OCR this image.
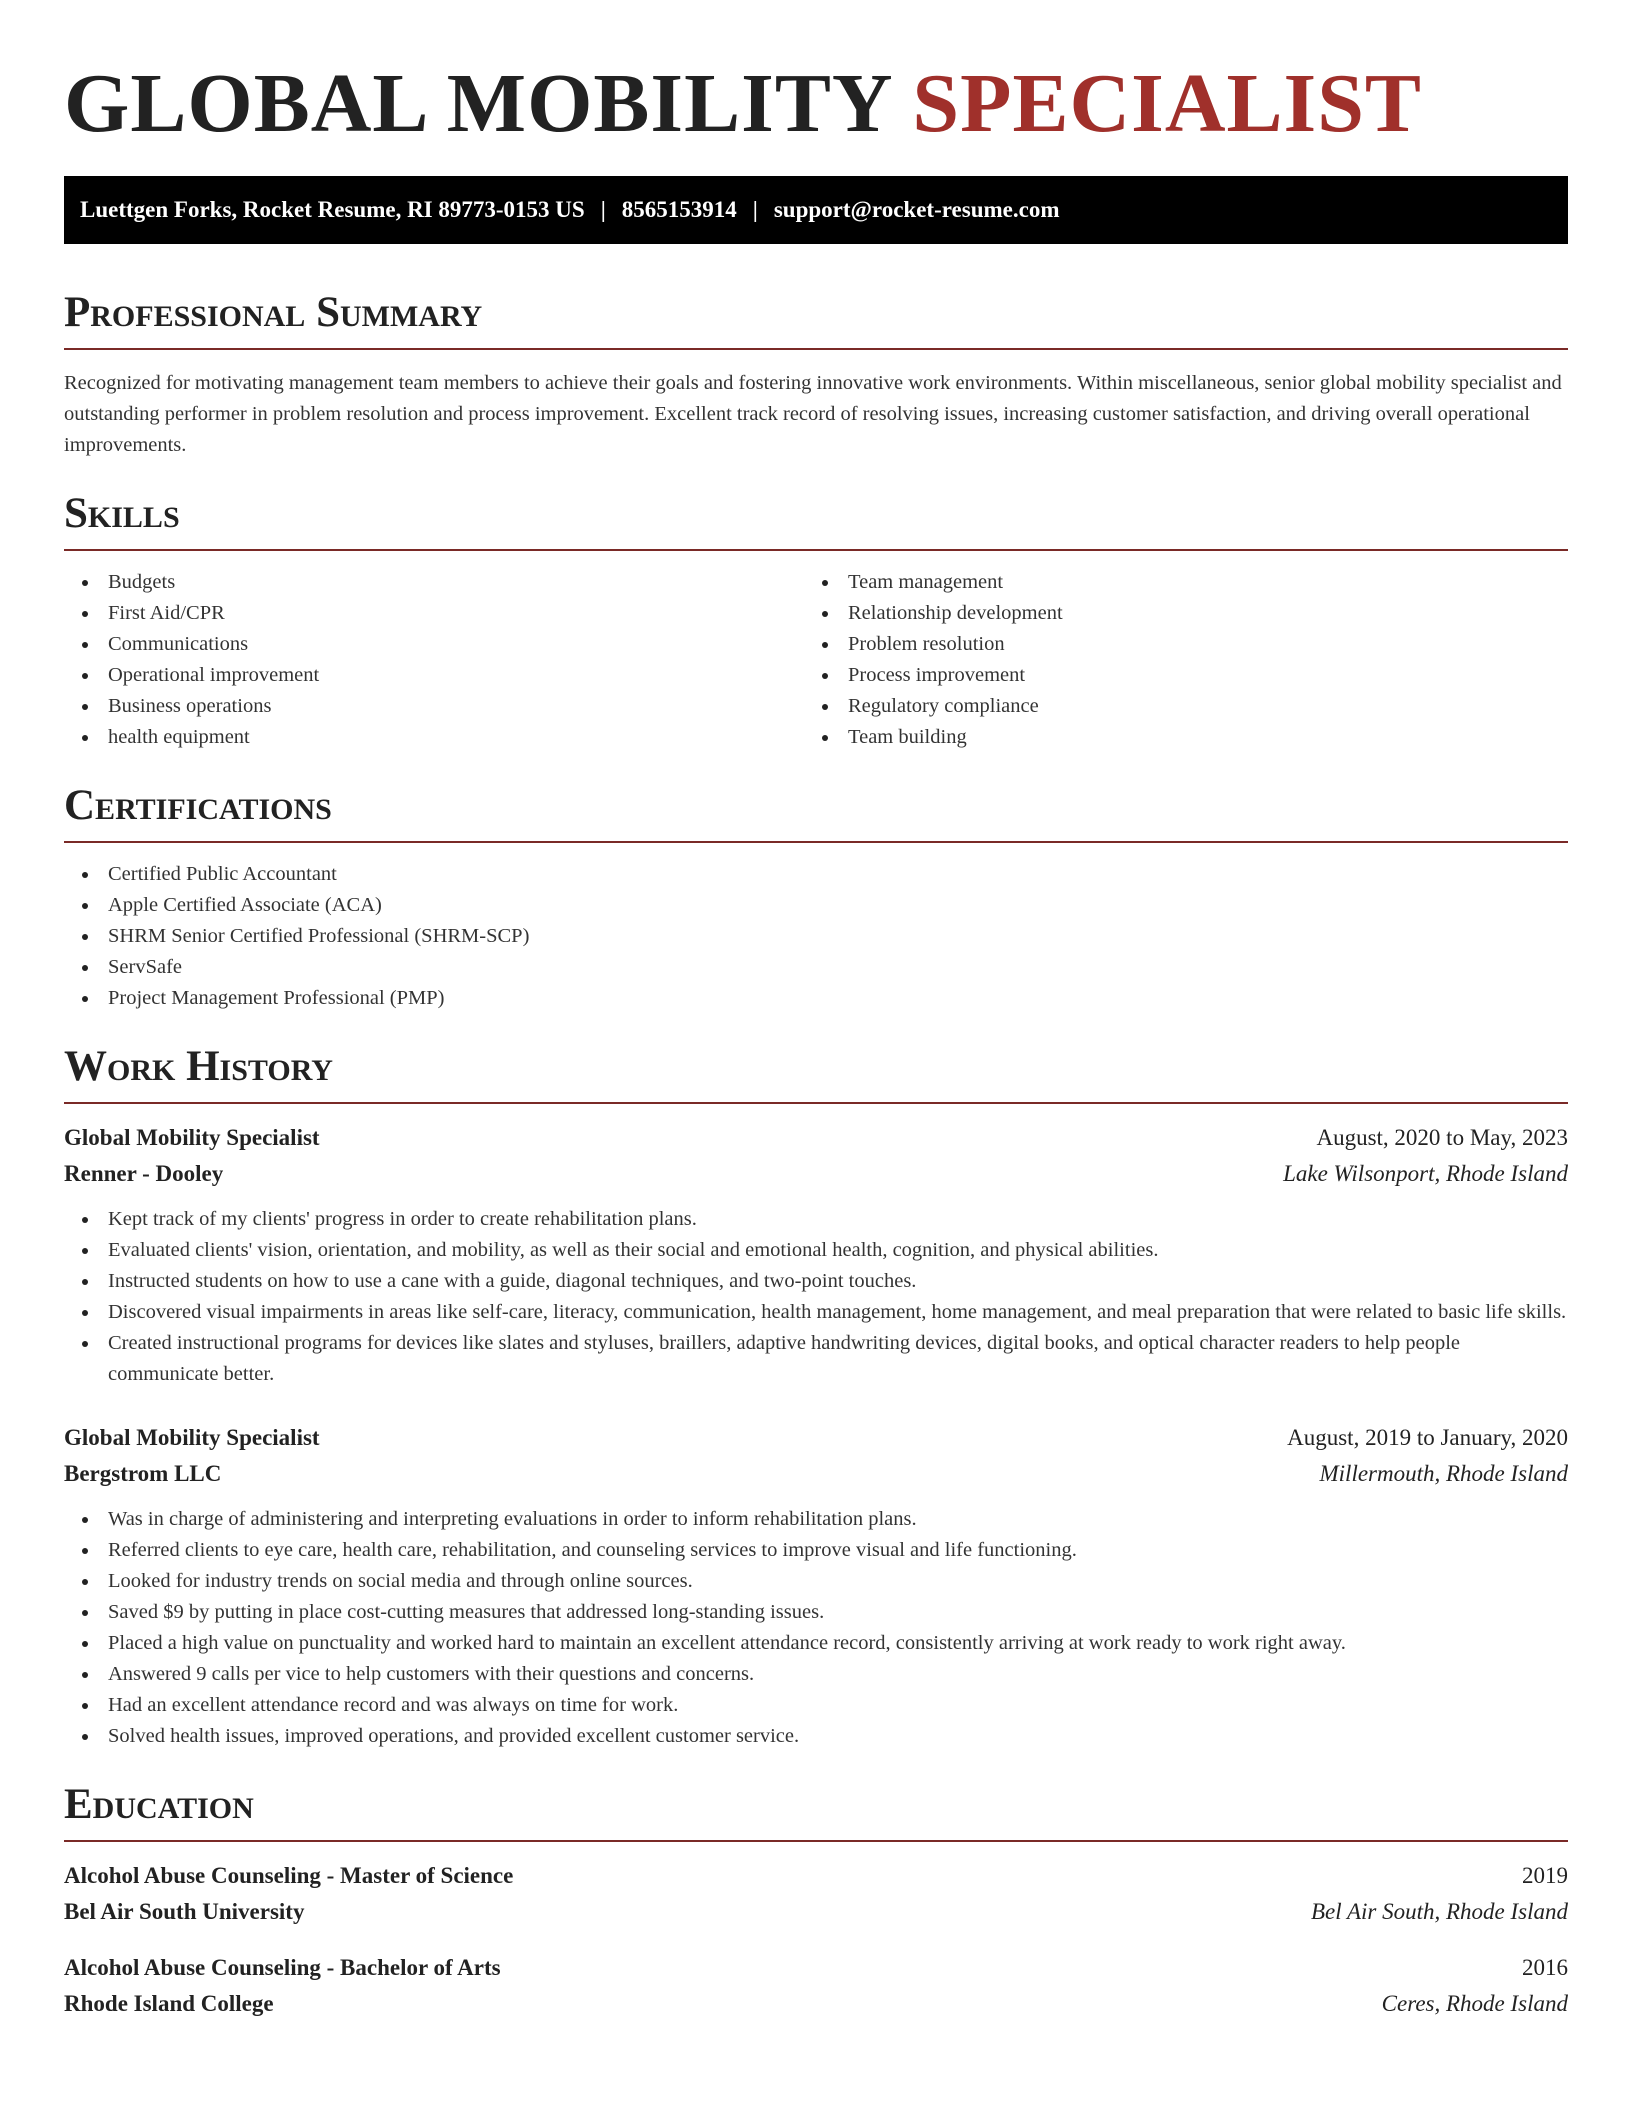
GLOBAL MOBILITY SPECIALIST
Luettgen Forks, Rocket Resume, RI 89773-0153 US | 8565153914 | support@rocket-resume.com
Professional Summary

Recognized for motivating management team members to achieve their goals and fostering innovative work environments. Within miscellaneous, senior global mobility specialist and outstanding performer in problem resolution and process improvement. Excellent track record of resolving issues, increasing customer satisfaction, and driving overall operational improvements.

Skills
Budgets
First Aid/CPR
Communications
Operational improvement
Business operations
health equipment
Team management
Relationship development
Problem resolution
Process improvement
Regulatory compliance
Team building
Certifications
Certified Public Accountant
Apple Certified Associate (ACA)
SHRM Senior Certified Professional (SHRM-SCP)
ServSafe
Project Management Professional (PMP)
Work History
Global Mobility Specialist	August, 2020 to May, 2023
Renner - Dooley	Lake Wilsonport, Rhode Island
Kept track of my clients' progress in order to create rehabilitation plans.
Evaluated clients' vision, orientation, and mobility, as well as their social and emotional health, cognition, and physical abilities.
Instructed students on how to use a cane with a guide, diagonal techniques, and two-point touches.
Discovered visual impairments in areas like self-care, literacy, communication, health management, home management, and meal preparation that were related to basic life skills.
Created instructional programs for devices like slates and styluses, braillers, adaptive handwriting devices, digital books, and optical character readers to help people communicate better.
Global Mobility Specialist	August, 2019 to January, 2020
Bergstrom LLC	Millermouth, Rhode Island
Was in charge of administering and interpreting evaluations in order to inform rehabilitation plans.
Referred clients to eye care, health care, rehabilitation, and counseling services to improve visual and life functioning.
Looked for industry trends on social media and through online sources.
Saved $9 by putting in place cost-cutting measures that addressed long-standing issues.
Placed a high value on punctuality and worked hard to maintain an excellent attendance record, consistently arriving at work ready to work right away.
Answered 9 calls per vice to help customers with their questions and concerns.
Had an excellent attendance record and was always on time for work.
Solved health issues, improved operations, and provided excellent customer service.
Education
Alcohol Abuse Counseling - Master of Science	2019
Bel Air South University	Bel Air South, Rhode Island
Alcohol Abuse Counseling - Bachelor of Arts	2016
Rhode Island College	Ceres, Rhode Island
